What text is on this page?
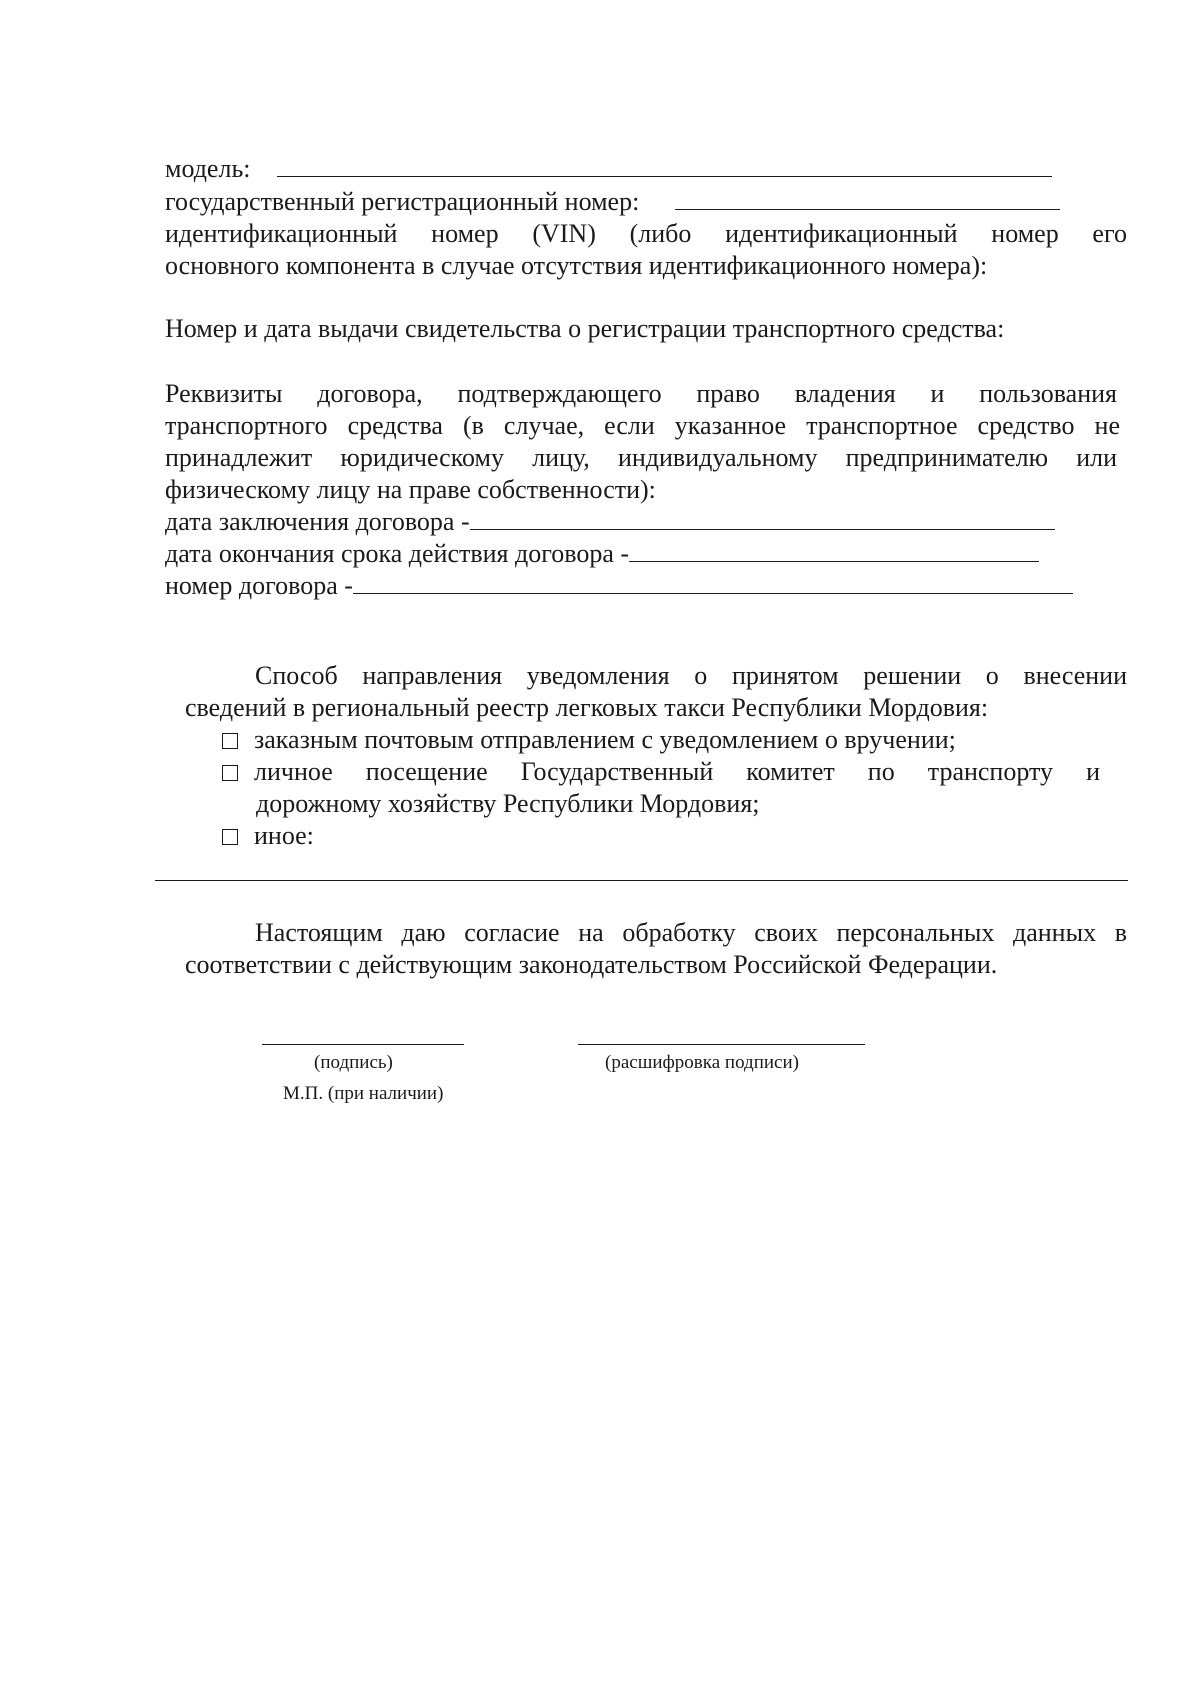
модель:
государственный регистрационный номер:
идентификационный номер (VIN) (либо идентификационный номер его
основного компонента в случае отсутствия идентификационного номера):
Номер и дата выдачи свидетельства о регистрации транспортного средства:
Реквизиты договора, подтверждающего право владения и пользования
транспортного средства (в случае, если указанное транспортное средство не
принадлежит юридическому лицу, индивидуальному предпринимателю или
физическому лицу на праве собственности):
дата заключения договора -
дата окончания срока действия договора -
номер договора -
Способ направления уведомления о принятом решении о внесении
сведений в региональный реестр легковых такси Республики Мордовия:
заказным почтовым отправлением с уведомлением о вручении;
личное посещение Государственный комитет по транспорту и
дорожному хозяйству Республики Мордовия;
иное:
Настоящим даю согласие на обработку своих персональных данных в
соответствии с действующим законодательством Российской Федерации.
(подпись)	(расшифровка подписи)
М.П. (при наличии)
